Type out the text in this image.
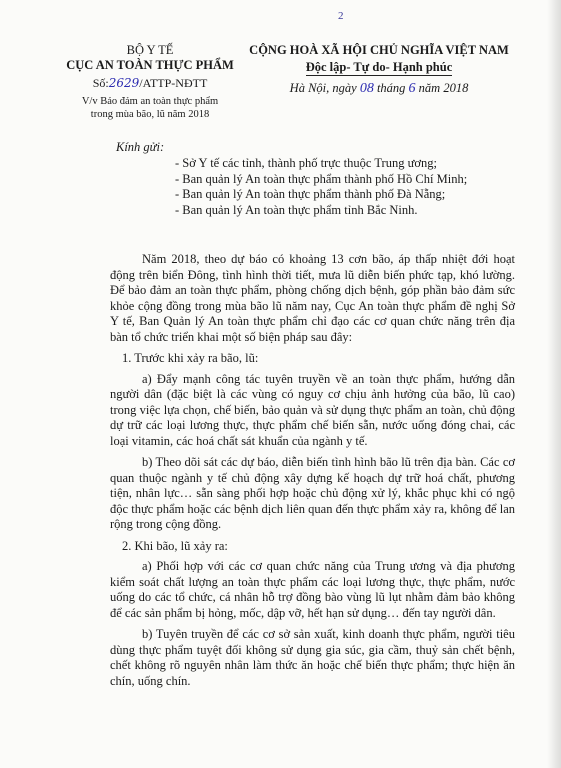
2
BỘ Y TẾ
CỤC AN TOÀN THỰC PHẨM
Số:2629/ATTP-NĐTT
V/v Bảo đảm an toàn thực phẩm
trong mùa bão, lũ năm 2018
CỘNG HOÀ XÃ HỘI CHỦ NGHĨA VIỆT NAM
Độc lập- Tự do- Hạnh phúc
Hà Nội, ngày 08 tháng 6 năm 2018
Kính gửi:
- Sở Y tế các tỉnh, thành phố trực thuộc Trung ương;
- Ban quản lý An toàn thực phẩm thành phố Hồ Chí Minh;
- Ban quản lý An toàn thực phẩm thành phố Đà Nẵng;
- Ban quản lý An toàn thực phẩm tỉnh Bắc Ninh.

Năm 2018, theo dự báo có khoảng 13 cơn bão, áp thấp nhiệt đới hoạt động trên biển Đông, tình hình thời tiết, mưa lũ diễn biến phức tạp, khó lường. Để bảo đảm an toàn thực phẩm, phòng chống dịch bệnh, góp phần bảo đảm sức khỏe cộng đồng trong mùa bão lũ năm nay, Cục An toàn thực phẩm đề nghị Sở Y tế, Ban Quản lý An toàn thực phẩm chỉ đạo các cơ quan chức năng trên địa bàn tổ chức triển khai một số biện pháp sau đây:

1. Trước khi xảy ra bão, lũ:

a) Đẩy mạnh công tác tuyên truyền về an toàn thực phẩm, hướng dẫn người dân (đặc biệt là các vùng có nguy cơ chịu ảnh hưởng của bão, lũ cao) trong việc lựa chọn, chế biến, bảo quản và sử dụng thực phẩm an toàn, chủ động dự trữ các loại lương thực, thực phẩm chế biến sẵn, nước uống đóng chai, các loại vitamin, các hoá chất sát khuẩn của ngành y tế.

b) Theo dõi sát các dự báo, diễn biến tình hình bão lũ trên địa bàn. Các cơ quan thuộc ngành y tế chủ động xây dựng kế hoạch dự trữ hoá chất, phương tiện, nhân lực… sẵn sàng phối hợp hoặc chủ động xử lý, khắc phục khi có ngộ độc thực phẩm hoặc các bệnh dịch liên quan đến thực phẩm xảy ra, không để lan rộng trong cộng đồng.

2. Khi bão, lũ xảy ra:

a) Phối hợp với các cơ quan chức năng của Trung ương và địa phương kiểm soát chất lượng an toàn thực phẩm các loại lương thực, thực phẩm, nước uống do các tổ chức, cá nhân hỗ trợ đồng bào vùng lũ lụt nhằm đảm bảo không để các sản phẩm bị hỏng, mốc, dập vỡ, hết hạn sử dụng… đến tay người dân.

b) Tuyên truyền để các cơ sở sản xuất, kinh doanh thực phẩm, người tiêu dùng thực phẩm tuyệt đối không sử dụng gia súc, gia cầm, thuỷ sản chết bệnh, chết không rõ nguyên nhân làm thức ăn hoặc chế biến thực phẩm; thực hiện ăn chín, uống chín.
